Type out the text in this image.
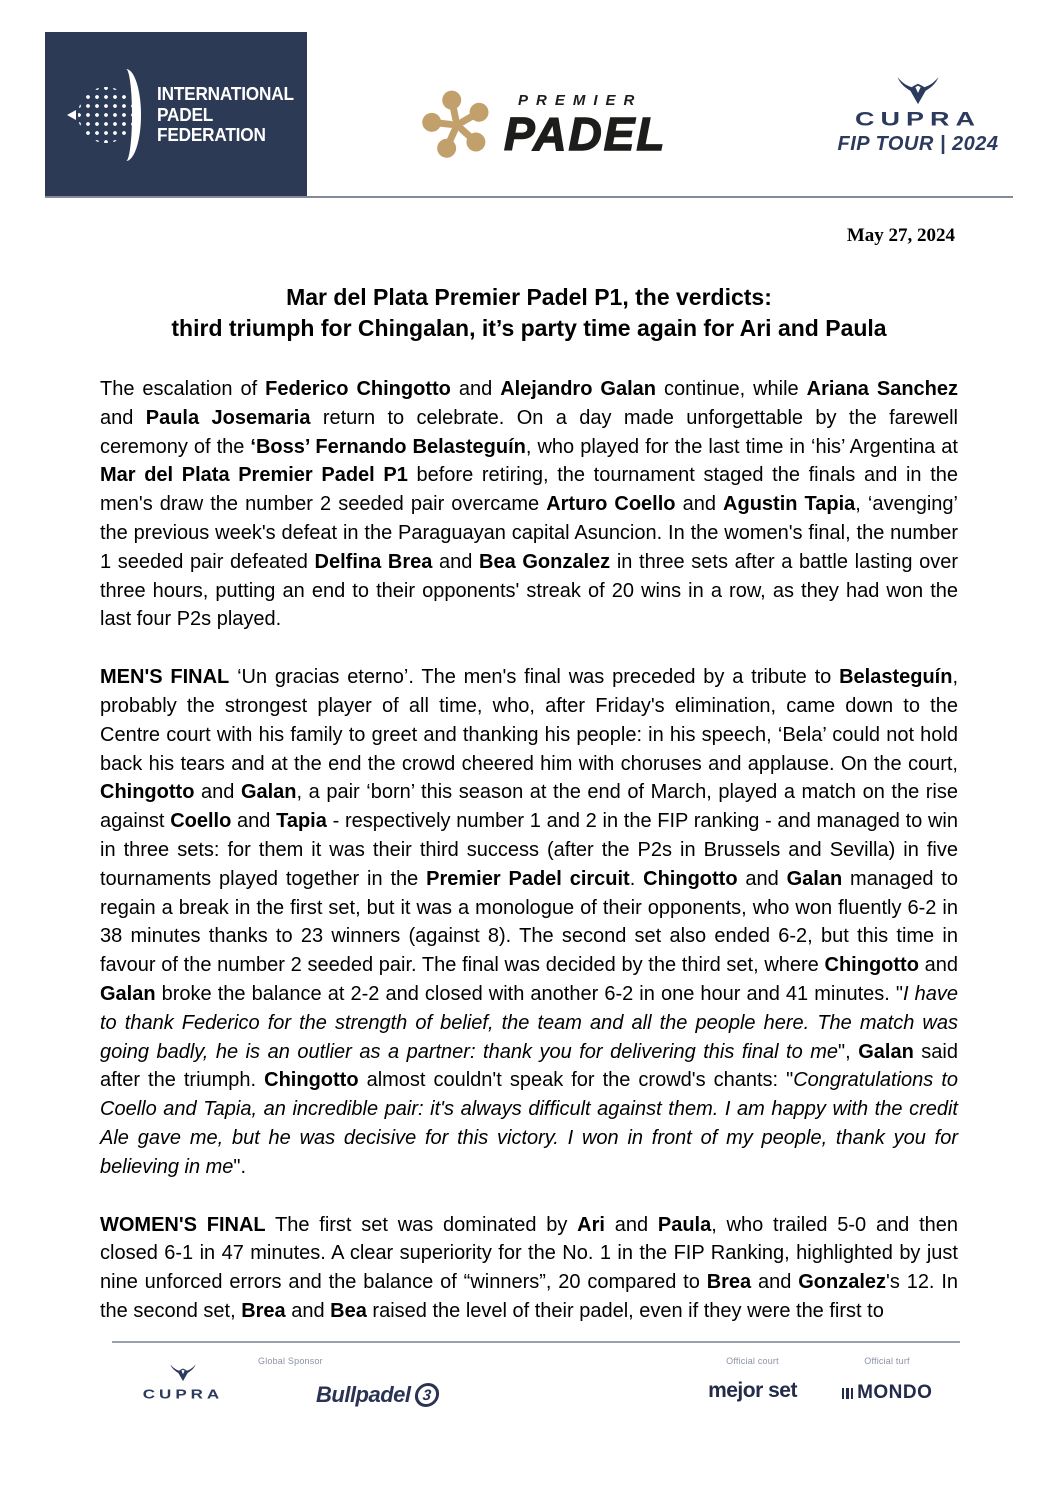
INTERNATIONAL
PADEL
FEDERATION
PREMIER
PADEL	CUPRA
FIP TOUR | 2024
May 27, 2024
Mar del Plata Premier Padel P1, the verdicts:
third triumph for Chingalan, it’s party time again for Ari and Paula

The escalation of Federico Chingotto and Alejandro Galan continue, while Ariana Sanchez and Paula Josemaria return to celebrate. On a day made unforgettable by the farewell ceremony of the ‘Boss’ Fernando Belasteguín, who played for the last time in ‘his’ Argentina at Mar del Plata Premier Padel P1 before retiring, the tournament staged the finals and in the men's draw the number 2 seeded pair overcame Arturo Coello and Agustin Tapia, ‘avenging’ the previous week's defeat in the Paraguayan capital Asuncion. In the women's final, the number 1 seeded pair defeated Delfina Brea and Bea Gonzalez in three sets after a battle lasting over three hours, putting an end to their opponents' streak of 20 wins in a row, as they had won the last four P2s played.

MEN'S FINAL ‘Un gracias eterno’. The men's final was preceded by a tribute to Belasteguín, probably the strongest player of all time, who, after Friday's elimination, came down to the Centre court with his family to greet and thanking his people: in his speech, ‘Bela’ could not hold back his tears and at the end the crowd cheered him with choruses and applause. On the court, Chingotto and Galan, a pair ‘born’ this season at the end of March, played a match on the rise against Coello and Tapia - respectively number 1 and 2 in the FIP ranking - and managed to win in three sets: for them it was their third success (after the P2s in Brussels and Sevilla) in five tournaments played together in the Premier Padel circuit. Chingotto and Galan managed to regain a break in the first set, but it was a monologue of their opponents, who won fluently 6-2 in 38 minutes thanks to 23 winners (against 8). The second set also ended 6-2, but this time in favour of the number 2 seeded pair. The final was decided by the third set, where Chingotto and Galan broke the balance at 2-2 and closed with another 6-2 in one hour and 41 minutes. "I have to thank Federico for the strength of belief, the team and all the people here. The match was going badly, he is an outlier as a partner: thank you for delivering this final to me", Galan said after the triumph. Chingotto almost couldn't speak for the crowd's chants: "Congratulations to Coello and Tapia, an incredible pair: it's always difficult against them. I am happy with the credit Ale gave me, but he was decisive for this victory. I won in front of my people, thank you for believing in me".

WOMEN'S FINAL The first set was dominated by Ari and Paula, who trailed 5-0 and then closed 6-1 in 47 minutes. A clear superiority for the No. 1 in the FIP Ranking, highlighted by just nine unforced errors and the balance of “winners”, 20 compared to Brea and Gonzalez's 12. In the second set, Brea and Bea raised the level of their padel, even if they were the first to

CUPRA
Global Sponsor
Bullpadel 3
Official court
mejor set
Official turf
MONDO
